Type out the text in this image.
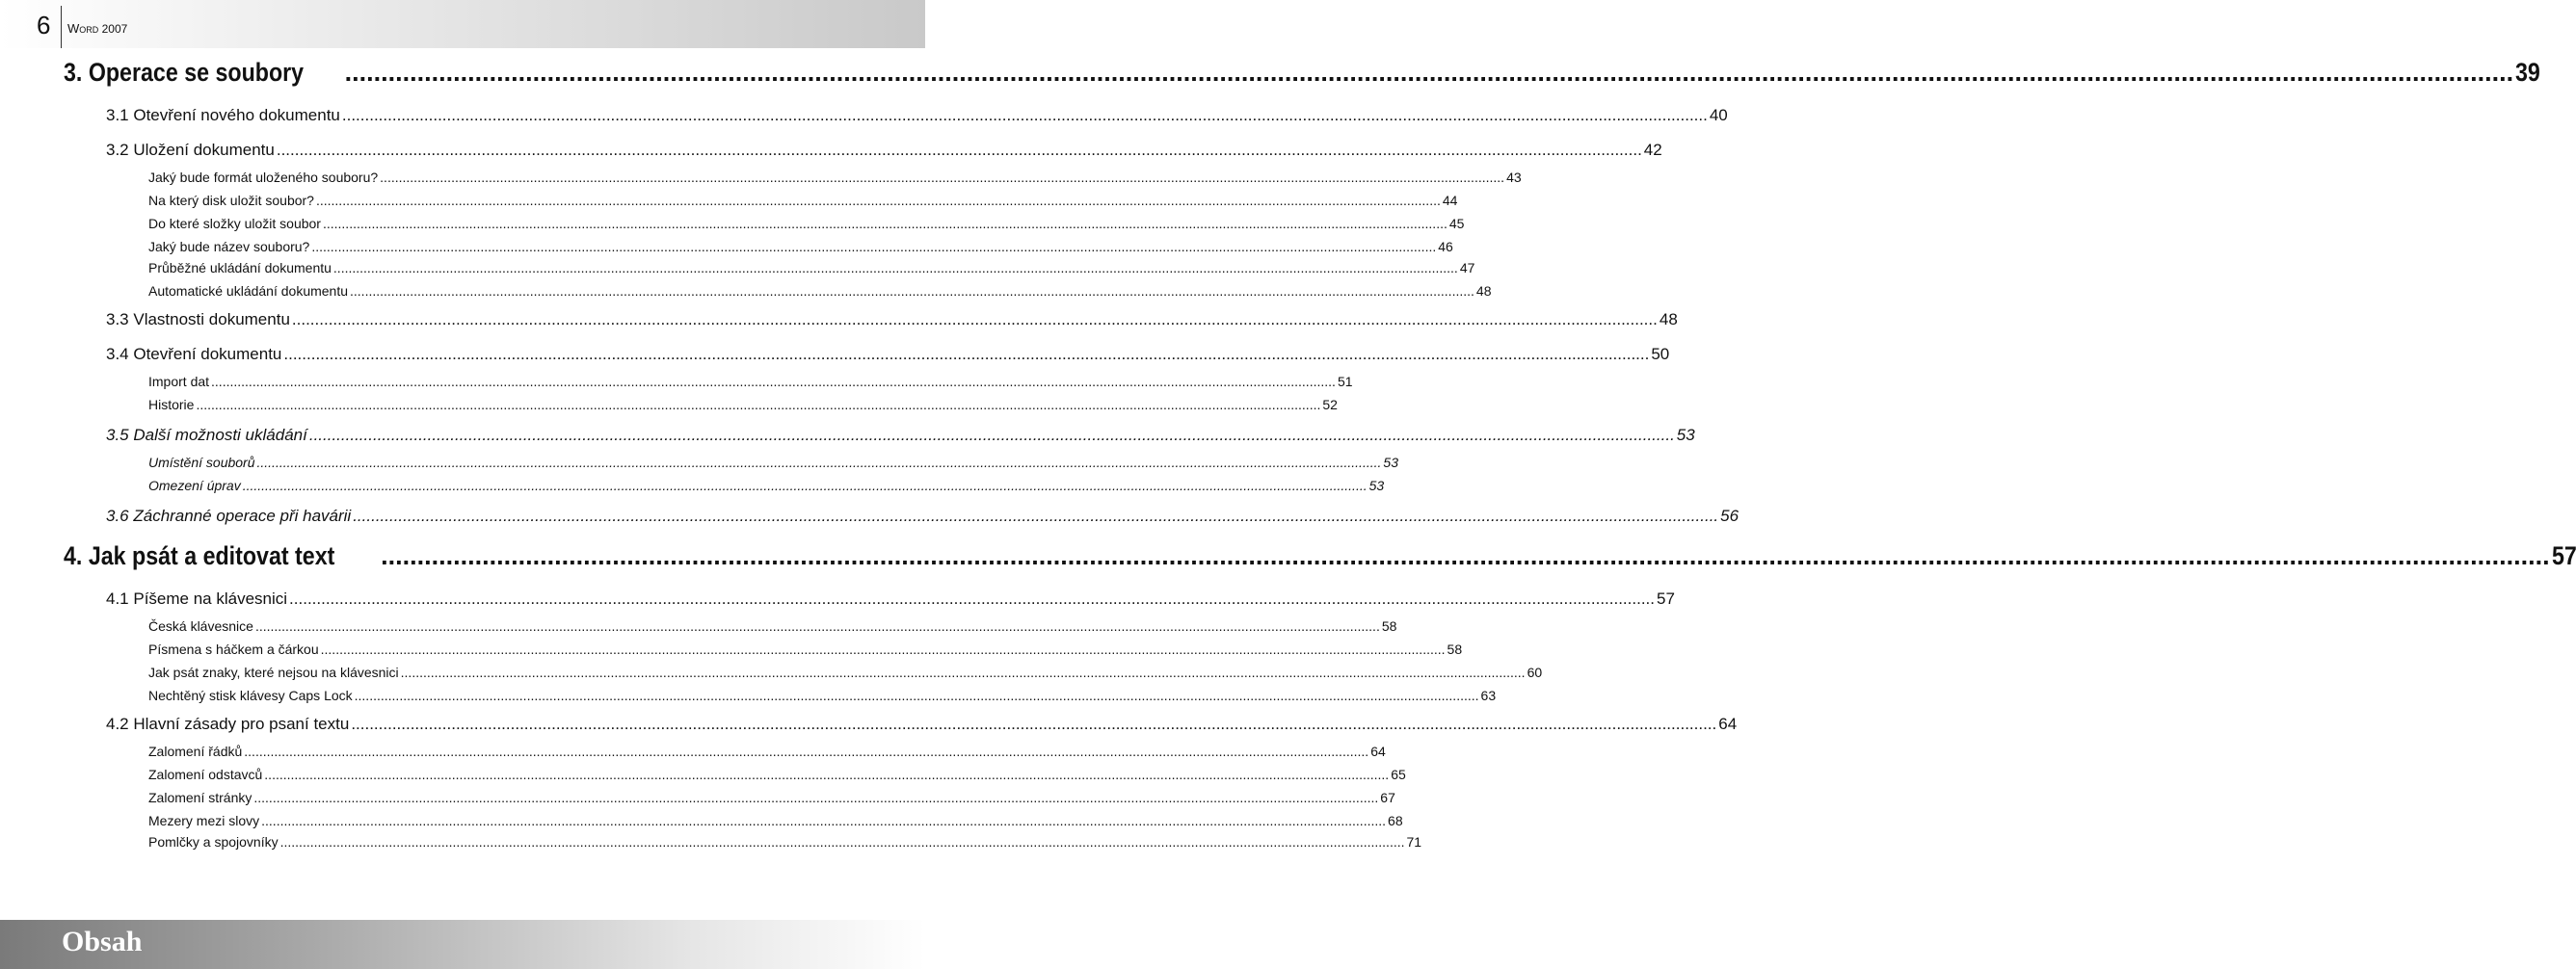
6 WORD 2007
3. Operace se soubory ............................................................................................................................................................................................................................................................................................................ 39
3.1 Otevření nového dokumentu ............................................................................................................................................................................................................................................................................................................ 40
3.2 Uložení dokumentu ............................................................................................................................................................................................................................................................................................................ 42
Jaký bude formát uloženého souboru? ............................................................................................................................................................................................................................................................................................................ 43
Na který disk uložit soubor? ............................................................................................................................................................................................................................................................................................................ 44
Do které složky uložit soubor ............................................................................................................................................................................................................................................................................................................ 45
Jaký bude název souboru? ............................................................................................................................................................................................................................................................................................................ 46
Průběžné ukládání dokumentu ............................................................................................................................................................................................................................................................................................................ 47
Automatické ukládání dokumentu ............................................................................................................................................................................................................................................................................................................ 48
3.3 Vlastnosti dokumentu ............................................................................................................................................................................................................................................................................................................ 48
3.4 Otevření dokumentu ............................................................................................................................................................................................................................................................................................................ 50
Import dat ............................................................................................................................................................................................................................................................................................................ 51
Historie ............................................................................................................................................................................................................................................................................................................ 52
3.5 Další možnosti ukládání ............................................................................................................................................................................................................................................................................................................ 53
Umístění souborů ............................................................................................................................................................................................................................................................................................................ 53
Omezení úprav ............................................................................................................................................................................................................................................................................................................ 53
3.6 Záchranné operace při havárii ............................................................................................................................................................................................................................................................................................................ 56
4. Jak psát a editovat text ............................................................................................................................................................................................................................................................................................................ 57
4.1 Píšeme na klávesnici ............................................................................................................................................................................................................................................................................................................ 57
Česká klávesnice ............................................................................................................................................................................................................................................................................................................ 58
Písmena s háčkem a čárkou ............................................................................................................................................................................................................................................................................................................ 58
Jak psát znaky, které nejsou na klávesnici ............................................................................................................................................................................................................................................................................................................ 60
Nechtěný stisk klávesy Caps Lock ............................................................................................................................................................................................................................................................................................................ 63
4.2 Hlavní zásady pro psaní textu ............................................................................................................................................................................................................................................................................................................ 64
Zalomení řádků ............................................................................................................................................................................................................................................................................................................ 64
Zalomení odstavců ............................................................................................................................................................................................................................................................................................................ 65
Zalomení stránky ............................................................................................................................................................................................................................................................................................................ 67
Mezery mezi slovy ............................................................................................................................................................................................................................................................................................................ 68
Pomlčky a spojovníky ............................................................................................................................................................................................................................................................................................................ 71
Obsah
